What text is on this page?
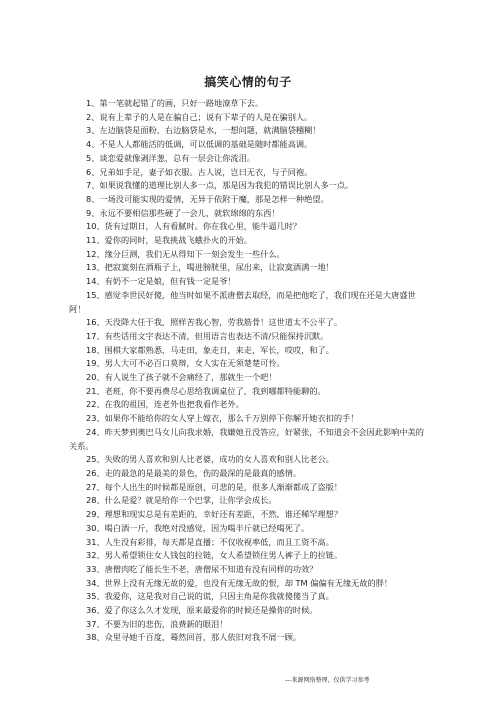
搞笑心情的句子
1、第一笔就起错了的画，只好一路地潦草下去。
2、说有上辈子的人是在骗自己；说有下辈子的人是在骗别人。
3、左边脑袋是面粉，右边脑袋是水，一想问题，就满脑袋糨糊！
4、不是人人都能活的低调，可以低调的基础是随时都能高调。
5、谈恋爱就像剥洋葱，总有一层会让你流泪。
6、兄弟如手足，妻子如衣服。古人说，岂曰无衣，与子同袍。
7、如果说我懂的道理比别人多一点，那是因为我犯的错误比别人多一点。
8、一场没可能实现的爱情，无异于依附于魔，那是怎样一种绝望。
9、永远不要相信那些硬了一会儿，就软绵绵的东西！
10、货有过期日，人有看腻时。你在我心里，能牛逼几时？
11、爱你的同时，是我挑战飞蛾扑火的开始。
12、缘分巨测，我们无从得知下一刻会发生一些什么。
13、把寂寞刻在酒瓶子上，喝进膀胱里，尿出来，让寂寞酒满一地！
14、有奶不一定是娘，但有钱一定是爷！
15、感觉李世民好傻，他当时如果不派唐僧去取经，而是把他吃了，我们现在还是大唐盛世阿！
16、天没降大任于我，照样苦我心智，劳我筋骨！这世道太不公平了。
17、有些话用文字表达不清，但用语言也表达不清/只能保持沉默。
18、围棋大家都熟悉，马走田，象走日，来走，军长，哎哎，和了。
19、男人大可不必百口莫辩，女人实在无须楚楚可怜。
20、有人说生了孩子就不会痛经了，那就生一个吧！
21、老班，你不要再费尽心思给我调桌位了，我到哪都特能聊的。
22、在我的祖国，连老外也把我看作老外。
23、如果你不能给你的女人穿上嫁衣，那么千万别停下你解开她衣扣的手！
24、昨天梦到奥巴马女儿向我求婚，我嫌她丑没答应，好紧张，不知道会不会因此影响中美的关系。
25、失败的男人喜欢和别人比老婆，成功的女人喜欢和别人比老公。
26、走的最急的是最美的景色，伤的最深的是最真的感情。
27、每个人出生的时候都是原创，可悲的是，很多人渐渐都成了盗版！
28、什么是爱？就是给你一个巴掌，让你学会成长。
29、理想和现实总是有差距的，幸好还有差距，不然，谁还稀罕理想？
30、喝白酒一斤，我绝对没感觉，因为喝半斤就已经喝死了。
31、人生没有彩排，每天都是直播；不仅收视率低，而且工资不高。
32、男人希望锁住女人钱包的拉链，女人希望锁住男人裤子上的拉链。
33、唐僧肉吃了能长生不老，唐僧尿不知道有没有同样的功效？
34、世界上没有无缘无故的爱，也没有无缘无故的恨，却 TM 偏偏有无缘无故的胖！
35、我爱你，这是我对自己说的谎，只因主角是你我就傻傻当了真。
36、爱了你这么久才发现，原来最爱你的时候还是操你的时候。
37、不要为旧的悲伤，浪费新的眼泪！
38、众里寻她千百度，蓦然回首，那人依旧对我不屑一顾。
---来源网络整理，仅供学习参考
